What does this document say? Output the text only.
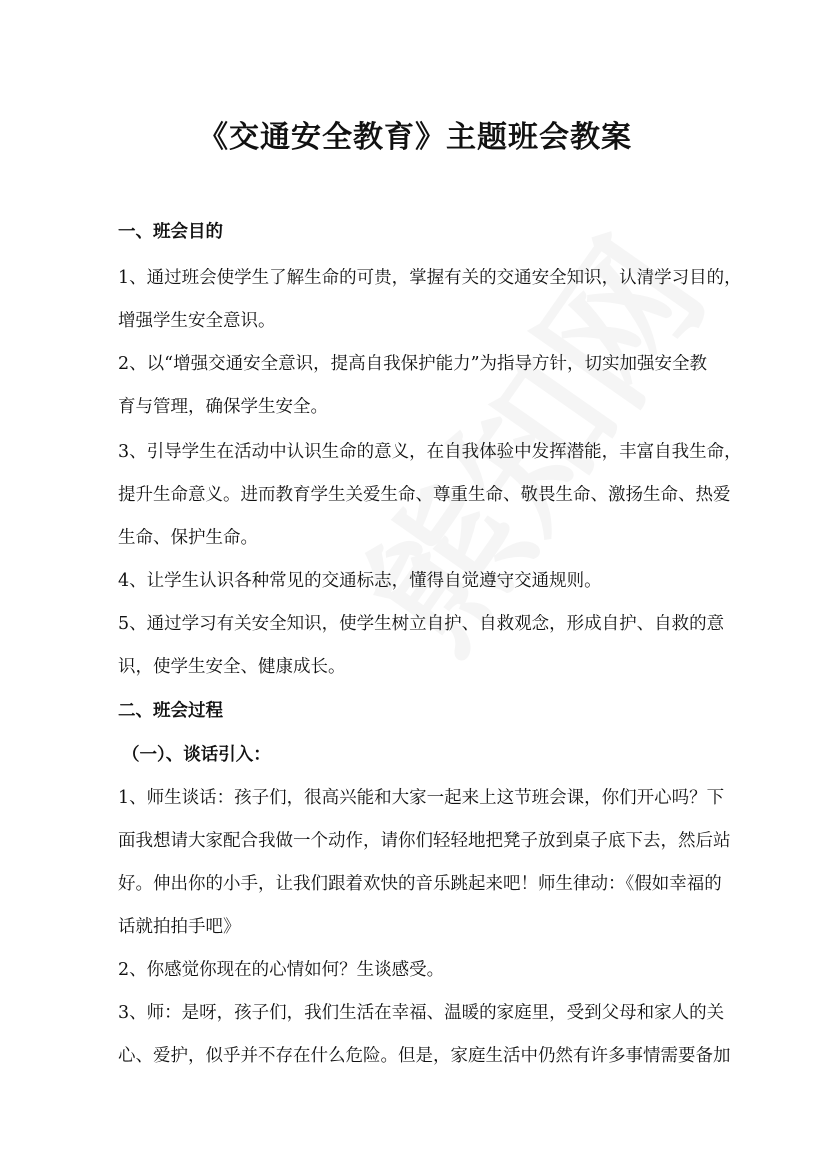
《交通安全教育》主题班会教案
一、班会目的
1、通过班会使学生了解生命的可贵，掌握有关的交通安全知识，认清学习目的，
增强学生安全意识。
2、以“增强交通安全意识，提高自我保护能力”为指导方针，切实加强安全教
育与管理，确保学生安全。
3、引导学生在活动中认识生命的意义，在自我体验中发挥潜能，丰富自我生命，
提升生命意义。进而教育学生关爱生命、尊重生命、敬畏生命、激扬生命、热爱
生命、保护生命。
4、让学生认识各种常见的交通标志，懂得自觉遵守交通规则。
5、通过学习有关安全知识，使学生树立自护、自救观念，形成自护、自救的意
识，使学生安全、健康成长。
二、班会过程
（一）、谈话引入：
1、师生谈话：孩子们，很高兴能和大家一起来上这节班会课，你们开心吗？下
面我想请大家配合我做一个动作，请你们轻轻地把凳子放到桌子底下去，然后站
好。伸出你的小手，让我们跟着欢快的音乐跳起来吧！师生律动：《假如幸福的
话就拍拍手吧》
2、你感觉你现在的心情如何？生谈感受。
3、师：是呀，孩子们，我们生活在幸福、温暖的家庭里，受到父母和家人的关
心、爱护，似乎并不存在什么危险。但是，家庭生活中仍然有许多事情需要备加
